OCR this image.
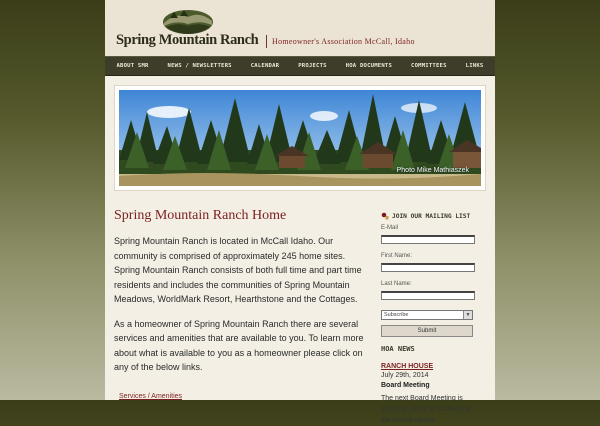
Spring Mountain Ranch Homeowner's Association McCall, Idaho
ABOUT SMR	NEWS / NEWSLETTERS	CALENDAR	PROJECTS	HOA DOCUMENTS	COMMITTEES	LINKS
Photo Mike Mathiaszek
Spring Mountain Ranch Home

Spring Mountain Ranch is located in McCall Idaho. Our community is comprised of approximately 245 home sites. Spring Mountain Ranch consists of both full time and part time residents and includes the communities of Spring Mountain Meadows, WorldMark Resort, Hearthstone and the Cottages.

As a homeowner of Spring Mountain Ranch there are several services and amenities that are available to you. To learn more about what is available to you as a homeowner please click on any of the below links.

Services / Amenities
JOIN OUR MAILING LIST
E-Mail
First Name:
Last Name:
Subscribe	▼
Submit
HOA NEWS
RANCH HOUSE
July 29th, 2014
Board Meeting
The next Board Meeting is July 2nd, 2015 at 11:00am at the Ranch House.
